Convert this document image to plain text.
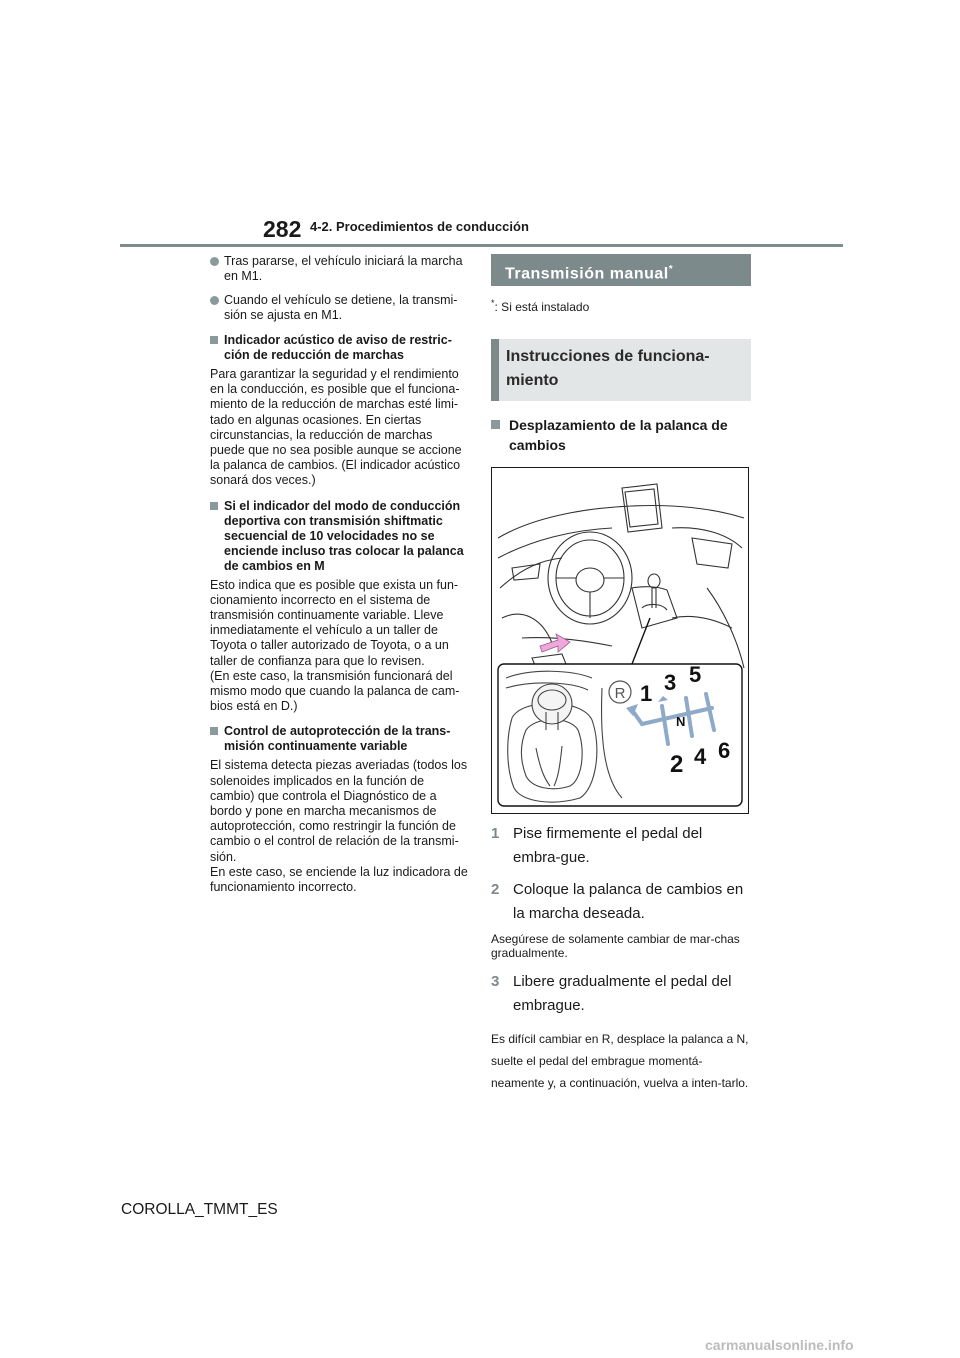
282 4-2. Procedimientos de conducción
Tras pararse, el vehículo iniciará la marcha en M1.
Cuando el vehículo se detiene, la transmi-sión se ajusta en M1.
Indicador acústico de aviso de restric-ción de reducción de marchas
Para garantizar la seguridad y el rendimiento en la conducción, es posible que el funciona-miento de la reducción de marchas esté limi-tado en algunas ocasiones. En ciertas circunstancias, la reducción de marchas puede que no sea posible aunque se accione la palanca de cambios. (El indicador acústico sonará dos veces.)
Si el indicador del modo de conducción deportiva con transmisión shiftmatic secuencial de 10 velocidades no se enciende incluso tras colocar la palanca de cambios en M
Esto indica que es posible que exista un fun-cionamiento incorrecto en el sistema de transmisión continuamente variable. Lleve inmediatamente el vehículo a un taller de Toyota o taller autorizado de Toyota, o a un taller de confianza para que lo revisen.
(En este caso, la transmisión funcionará del mismo modo que cuando la palanca de cam-bios está en D.)
Control de autoprotección de la trans-misión continuamente variable
El sistema detecta piezas averiadas (todos los solenoides implicados en la función de cambio) que controla el Diagnóstico de a bordo y pone en marcha mecanismos de autoprotección, como restringir la función de cambio o el control de relación de la transmi-sión.
En este caso, se enciende la luz indicadora de funcionamiento incorrecto.
Transmisión manual*
*: Si está instalado
Instrucciones de funciona-miento
Desplazamiento de la palanca de cambios
R 1 3 5
N
2 4 6
1 Pise firmemente el pedal del embra-gue.
2 Coloque la palanca de cambios en la marcha deseada.
Asegúrese de solamente cambiar de mar-chas gradualmente.
3 Libere gradualmente el pedal del embrague.
Es difícil cambiar en R, desplace la palanca a N, suelte el pedal del embrague momentá-neamente y, a continuación, vuelva a inten-tarlo.
COROLLA_TMMT_ES
carmanualsonline.info
